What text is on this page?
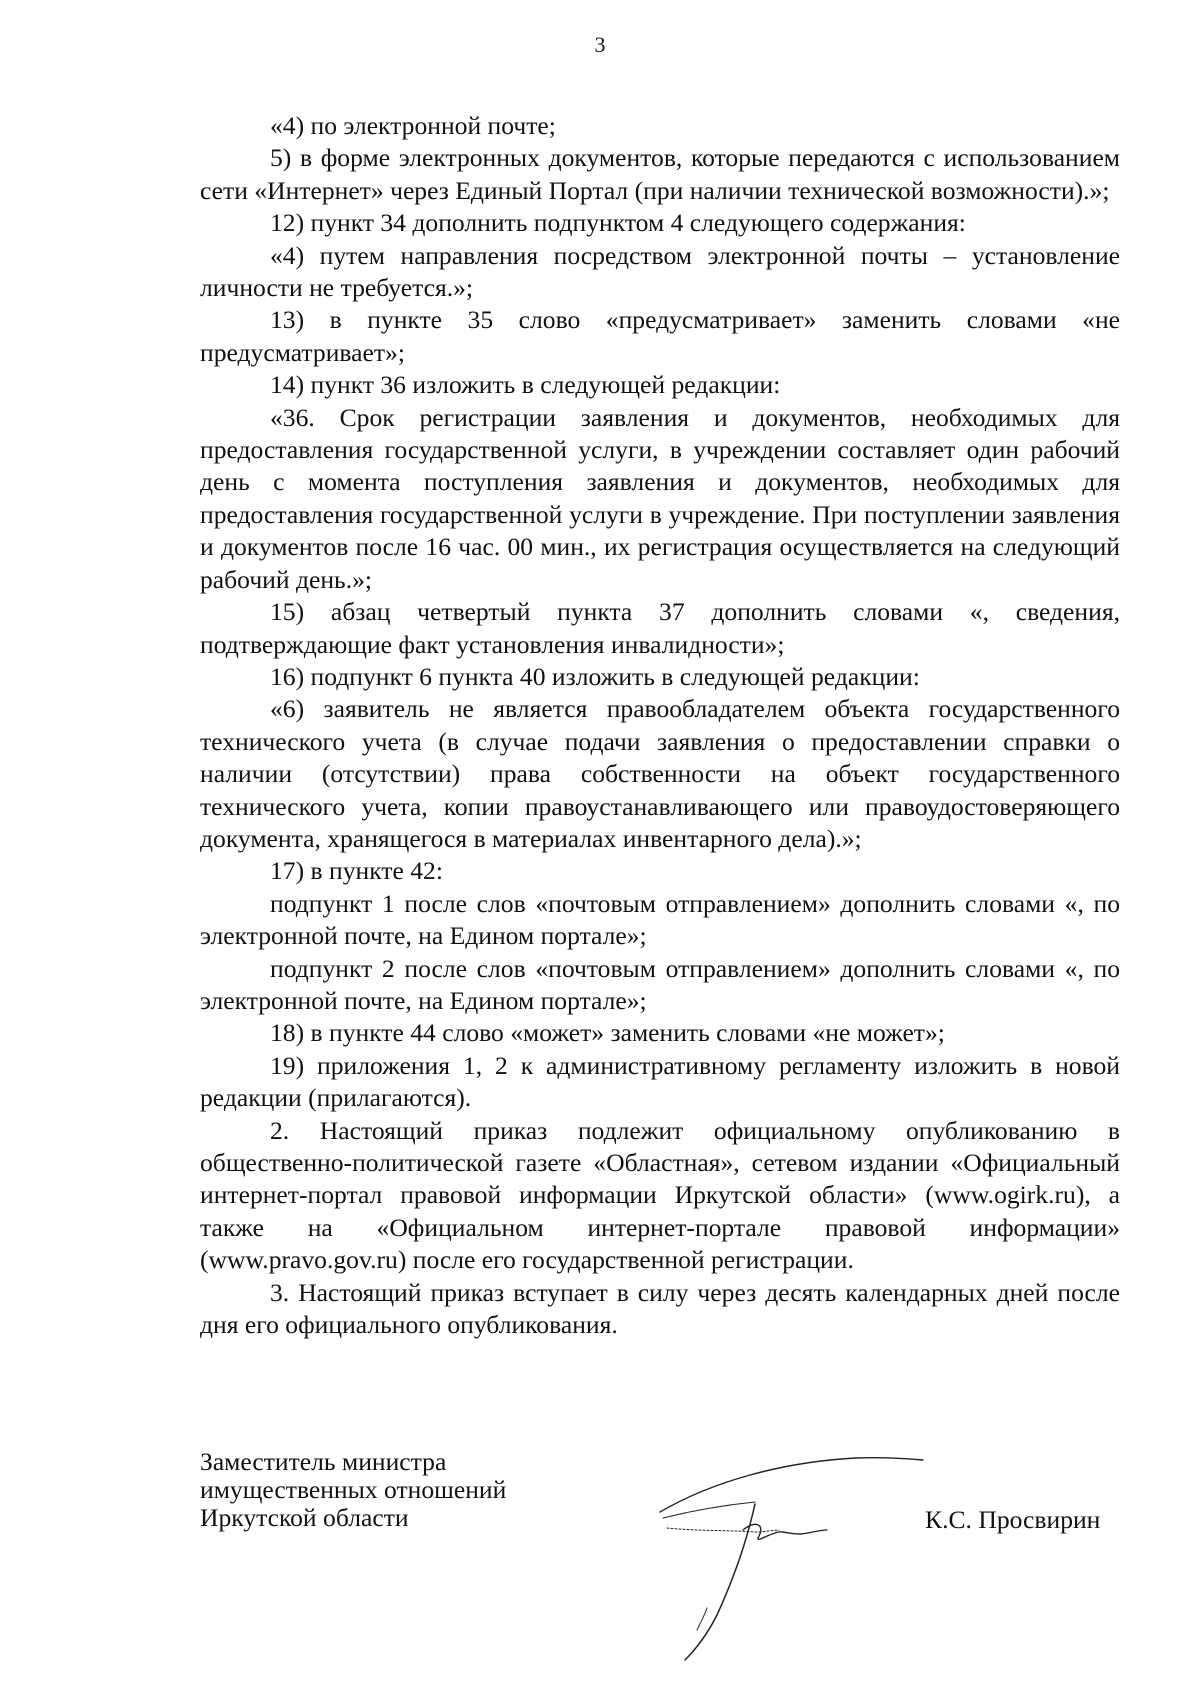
3

«4) по электронной почте;

5) в форме электронных документов, которые передаются с использованием сети «Интернет» через Единый Портал (при наличии технической возможности).»;

12) пункт 34 дополнить подпунктом 4 следующего содержания:

«4) путем направления посредством электронной почты – установление личности не требуется.»;

13) в пункте 35 слово «предусматривает» заменить словами «не предусматривает»;

14) пункт 36 изложить в следующей редакции:

«36. Срок регистрации заявления и документов, необходимых для предоставления государственной услуги, в учреждении составляет один рабочий день с момента поступления заявления и документов, необходимых для предоставления государственной услуги в учреждение. При поступлении заявления и документов после 16 час. 00 мин., их регистрация осуществляется на следующий рабочий день.»;

15) абзац четвертый пункта 37 дополнить словами «, сведения, подтверждающие факт установления инвалидности»;

16) подпункт 6 пункта 40 изложить в следующей редакции:

«6) заявитель не является правообладателем объекта государственного технического учета (в случае подачи заявления о предоставлении справки о наличии (отсутствии) права собственности на объект государственного технического учета, копии правоустанавливающего или правоудостоверяющего документа, хранящегося в материалах инвентарного дела).»;

17) в пункте 42:

подпункт 1 после слов «почтовым отправлением» дополнить словами «, по электронной почте, на Едином портале»;

подпункт 2 после слов «почтовым отправлением» дополнить словами «, по электронной почте, на Едином портале»;

18) в пункте 44 слово «может» заменить словами «не может»;

19) приложения 1, 2 к административному регламенту изложить в новой редакции (прилагаются).

2. Настоящий приказ подлежит официальному опубликованию в общественно-политической газете «Областная», сетевом издании «Официальный интернет-портал правовой информации Иркутской области» (www.ogirk.ru), а также на «Официальном интернет-портале правовой информации» (www.pravo.gov.ru) после его государственной регистрации.

3. Настоящий приказ вступает в силу через десять календарных дней после дня его официального опубликования.

Заместитель министра
имущественных отношений
Иркутской области	К.С. Просвирин
